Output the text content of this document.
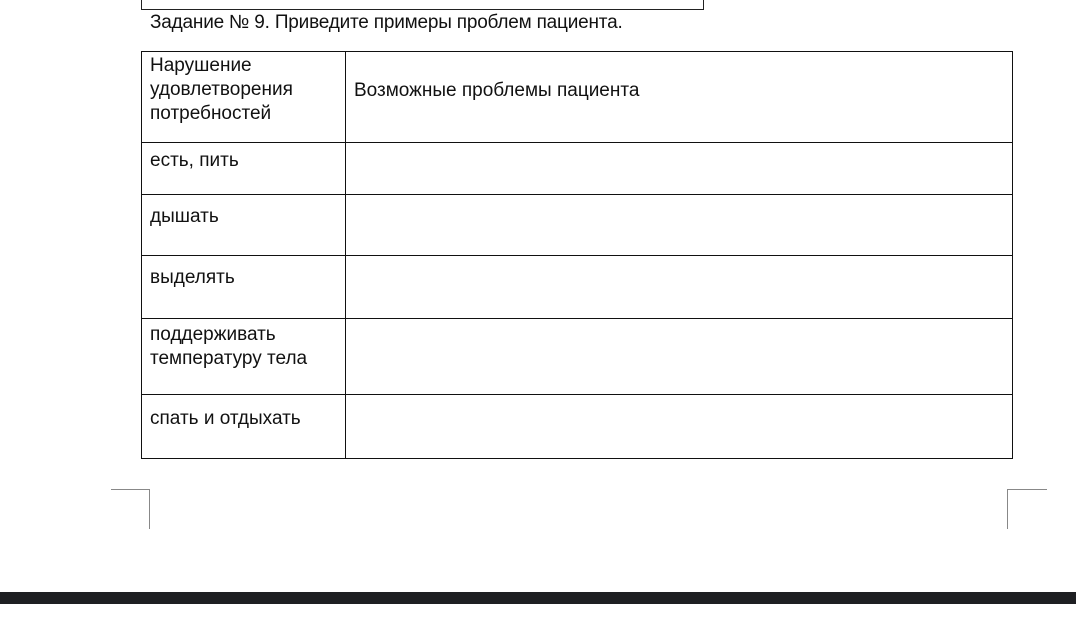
Задание № 9. Приведите примеры проблем пациента.
Нарушение удовлетворения потребностей	Возможные проблемы пациента
есть, пить	
дышать	
выделять	
поддерживать температуру тела	
спать и отдыхать	
